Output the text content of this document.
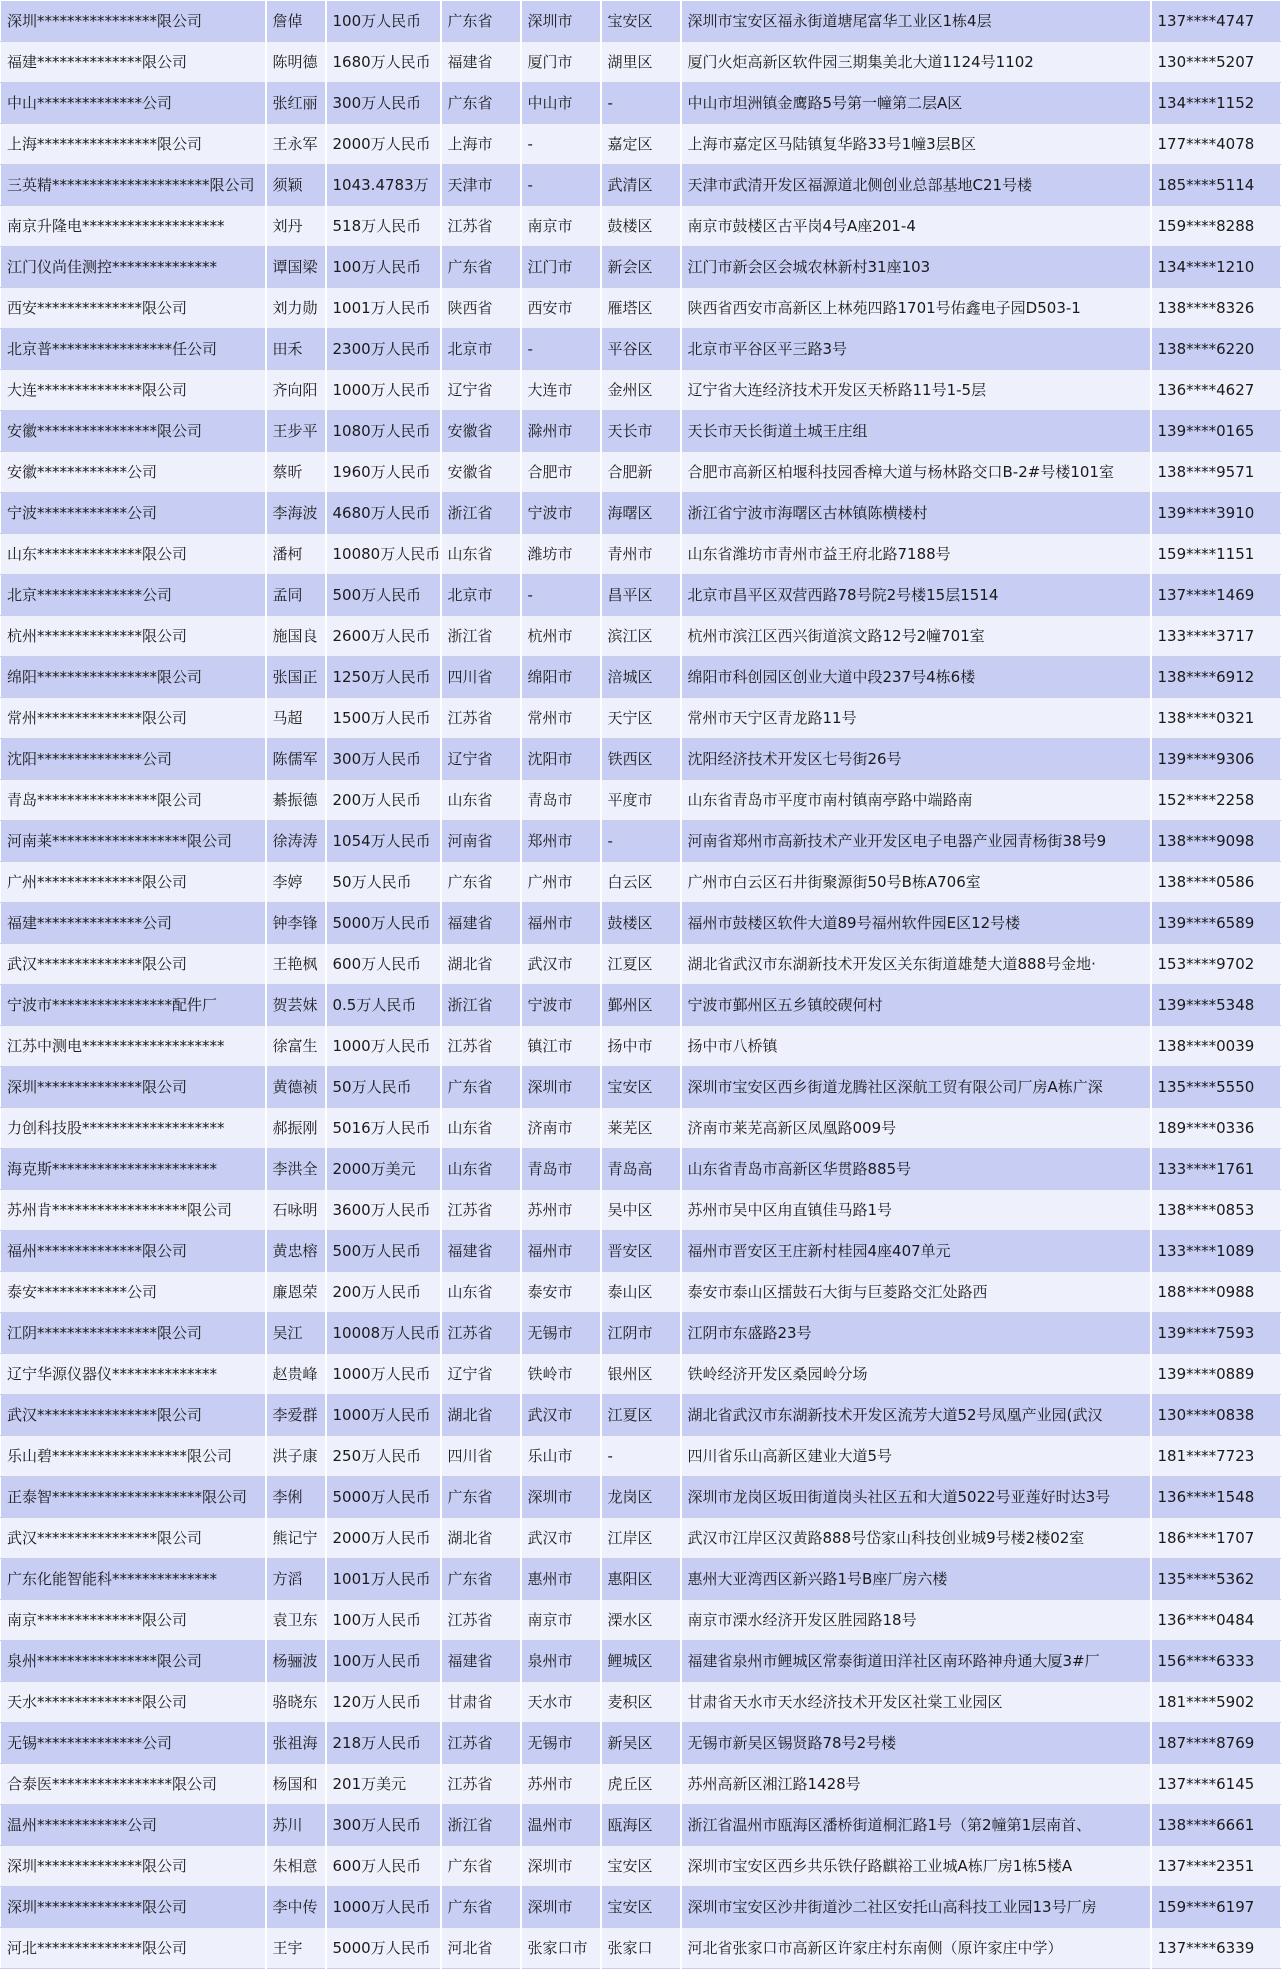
深圳****************限公司	詹倬	100万人民币	广东省	深圳市	宝安区	深圳市宝安区福永街道塘尾富华工业区1栋4层	137****4747
福建**************限公司	陈明德	1680万人民币	福建省	厦门市	湖里区	厦门火炬高新区软件园三期集美北大道1124号1102	130****5207
中山**************公司	张红丽	300万人民币	广东省	中山市	-	中山市坦洲镇金鹰路5号第一幢第二层A区	134****1152
上海****************限公司	王永军	2000万人民币	上海市	-	嘉定区	上海市嘉定区马陆镇复华路33号1幢3层B区	177****4078
三英精*********************限公司	须颖	1043.4783万	天津市	-	武清区	天津市武清开发区福源道北侧创业总部基地C21号楼	185****5114
南京升隆电*******************	刘丹	518万人民币	江苏省	南京市	鼓楼区	南京市鼓楼区古平岗4号A座201-4	159****8288
江门仪尚佳测控**************	谭国梁	100万人民币	广东省	江门市	新会区	江门市新会区会城农林新村31座103	134****1210
西安**************限公司	刘力勋	1001万人民币	陕西省	西安市	雁塔区	陕西省西安市高新区上林苑四路1701号佑鑫电子园D503-1	138****8326
北京普****************任公司	田禾	2300万人民币	北京市	-	平谷区	北京市平谷区平三路3号	138****6220
大连**************限公司	齐向阳	1000万人民币	辽宁省	大连市	金州区	辽宁省大连经济技术开发区天桥路11号1-5层	136****4627
安徽****************限公司	王步平	1080万人民币	安徽省	滁州市	天长市	天长市天长街道土城王庄组	139****0165
安徽************公司	蔡昕	1960万人民币	安徽省	合肥市	合肥新	合肥市高新区柏堰科技园香樟大道与杨林路交口B-2#号楼101室	138****9571
宁波************公司	李海波	4680万人民币	浙江省	宁波市	海曙区	浙江省宁波市海曙区古林镇陈横楼村	139****3910
山东**************限公司	潘柯	10080万人民币	山东省	潍坊市	青州市	山东省潍坊市青州市益王府北路7188号	159****1151
北京**************公司	孟同	500万人民币	北京市	-	昌平区	北京市昌平区双营西路78号院2号楼15层1514	137****1469
杭州**************限公司	施国良	2600万人民币	浙江省	杭州市	滨江区	杭州市滨江区西兴街道滨文路12号2幢701室	133****3717
绵阳****************限公司	张国正	1250万人民币	四川省	绵阳市	涪城区	绵阳市科创园区创业大道中段237号4栋6楼	138****6912
常州**************限公司	马超	1500万人民币	江苏省	常州市	天宁区	常州市天宁区青龙路11号	138****0321
沈阳**************公司	陈儒军	300万人民币	辽宁省	沈阳市	铁西区	沈阳经济技术开发区七号街26号	139****9306
青岛****************限公司	綦振德	200万人民币	山东省	青岛市	平度市	山东省青岛市平度市南村镇南亭路中端路南	152****2258
河南莱******************限公司	徐涛涛	1054万人民币	河南省	郑州市	-	河南省郑州市高新技术产业开发区电子电器产业园青杨街38号9	138****9098
广州**************限公司	李婷	50万人民币	广东省	广州市	白云区	广州市白云区石井街聚源街50号B栋A706室	138****0586
福建**************公司	钟李锋	5000万人民币	福建省	福州市	鼓楼区	福州市鼓楼区软件大道89号福州软件园E区12号楼	139****6589
武汉**************限公司	王艳枫	600万人民币	湖北省	武汉市	江夏区	湖北省武汉市东湖新技术开发区关东街道雄楚大道888号金地·	153****9702
宁波市****************配件厂	贺芸妹	0.5万人民币	浙江省	宁波市	鄞州区	宁波市鄞州区五乡镇皎碶何村	139****5348
江苏中测电*******************	徐富生	1000万人民币	江苏省	镇江市	扬中市	扬中市八桥镇	138****0039
深圳**************限公司	黄德祯	50万人民币	广东省	深圳市	宝安区	深圳市宝安区西乡街道龙腾社区深航工贸有限公司厂房A栋广深	135****5550
力创科技股*******************	郝振刚	5016万人民币	山东省	济南市	莱芜区	济南市莱芜高新区凤凰路009号	189****0336
海克斯**********************	李洪全	2000万美元	山东省	青岛市	青岛高	山东省青岛市高新区华贯路885号	133****1761
苏州肯******************限公司	石咏明	3600万人民币	江苏省	苏州市	吴中区	苏州市吴中区甪直镇佳马路1号	138****0853
福州**************限公司	黄忠榕	500万人民币	福建省	福州市	晋安区	福州市晋安区王庄新村桂园4座407单元	133****1089
泰安************公司	廉恩荣	200万人民币	山东省	泰安市	泰山区	泰安市泰山区擂鼓石大街与巨菱路交汇处路西	188****0988
江阴****************限公司	吴江	10008万人民币	江苏省	无锡市	江阴市	江阴市东盛路23号	139****7593
辽宁华源仪器仪**************	赵贵峰	1000万人民币	辽宁省	铁岭市	银州区	铁岭经济开发区桑园岭分场	139****0889
武汉****************限公司	李爱群	1000万人民币	湖北省	武汉市	江夏区	湖北省武汉市东湖新技术开发区流芳大道52号凤凰产业园(武汉	130****0838
乐山碧******************限公司	洪子康	250万人民币	四川省	乐山市	-	四川省乐山高新区建业大道5号	181****7723
正泰智********************限公司	李俐	5000万人民币	广东省	深圳市	龙岗区	深圳市龙岗区坂田街道岗头社区五和大道5022号亚莲好时达3号	136****1548
武汉****************限公司	熊记宁	2000万人民币	湖北省	武汉市	江岸区	武汉市江岸区汉黄路888号岱家山科技创业城9号楼2楼02室	186****1707
广东化能智能科**************	方滔	1001万人民币	广东省	惠州市	惠阳区	惠州大亚湾西区新兴路1号B座厂房六楼	135****5362
南京**************限公司	袁卫东	100万人民币	江苏省	南京市	溧水区	南京市溧水经济开发区胜园路18号	136****0484
泉州****************限公司	杨骊波	100万人民币	福建省	泉州市	鲤城区	福建省泉州市鲤城区常泰街道田洋社区南环路神舟通大厦3#厂	156****6333
天水**************限公司	骆晓东	120万人民币	甘肃省	天水市	麦积区	甘肃省天水市天水经济技术开发区社棠工业园区	181****5902
无锡**************公司	张祖海	218万人民币	江苏省	无锡市	新吴区	无锡市新吴区锡贤路78号2号楼	187****8769
合泰医****************限公司	杨国和	201万美元	江苏省	苏州市	虎丘区	苏州高新区湘江路1428号	137****6145
温州************公司	苏川	300万人民币	浙江省	温州市	瓯海区	浙江省温州市瓯海区潘桥街道桐汇路1号（第2幢第1层南首、	138****6661
深圳**************限公司	朱相意	600万人民币	广东省	深圳市	宝安区	深圳市宝安区西乡共乐铁仔路麒裕工业城A栋厂房1栋5楼A	137****2351
深圳**************限公司	李中传	1000万人民币	广东省	深圳市	宝安区	深圳市宝安区沙井街道沙二社区安托山高科技工业园13号厂房	159****6197
河北**************限公司	王宇	5000万人民币	河北省	张家口市	张家口	河北省张家口市高新区许家庄村东南侧（原许家庄中学）	137****6339
